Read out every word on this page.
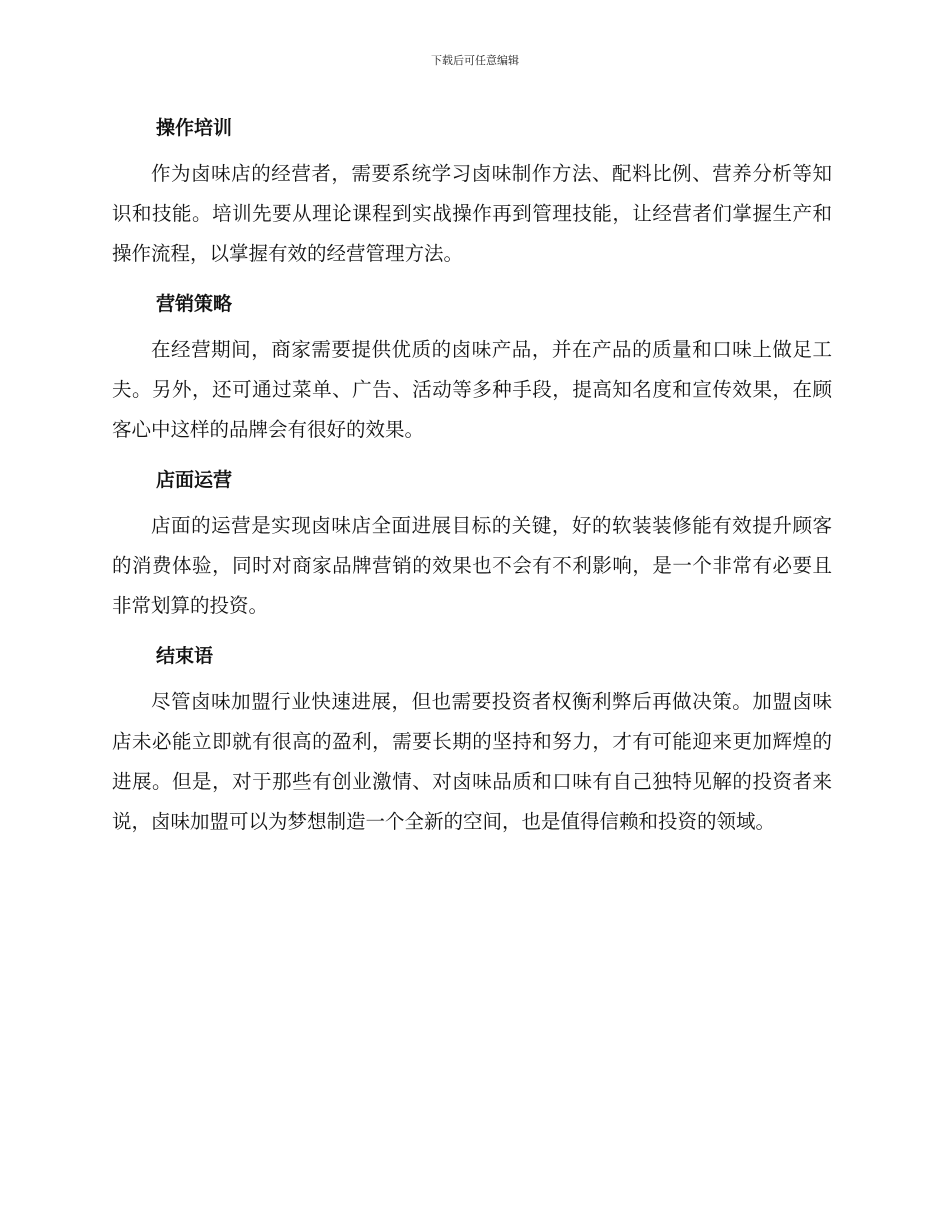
下载后可任意编辑
操作培训

作为卤味店的经营者，需要系统学习卤味制作方法、配料比例、营养分析等知识和技能。培训先要从理论课程到实战操作再到管理技能，让经营者们掌握生产和操作流程，以掌握有效的经营管理方法。

营销策略

在经营期间，商家需要提供优质的卤味产品，并在产品的质量和口味上做足工夫。另外，还可通过菜单、广告、活动等多种手段，提高知名度和宣传效果，在顾客心中这样的品牌会有很好的效果。

店面运营

店面的运营是实现卤味店全面进展目标的关键，好的软装装修能有效提升顾客的消费体验，同时对商家品牌营销的效果也不会有不利影响，是一个非常有必要且非常划算的投资。

结束语

尽管卤味加盟行业快速进展，但也需要投资者权衡利弊后再做决策。加盟卤味店未必能立即就有很高的盈利，需要长期的坚持和努力，才有可能迎来更加辉煌的进展。但是，对于那些有创业激情、对卤味品质和口味有自己独特见解的投资者来说，卤味加盟可以为梦想制造一个全新的空间，也是值得信赖和投资的领域。
